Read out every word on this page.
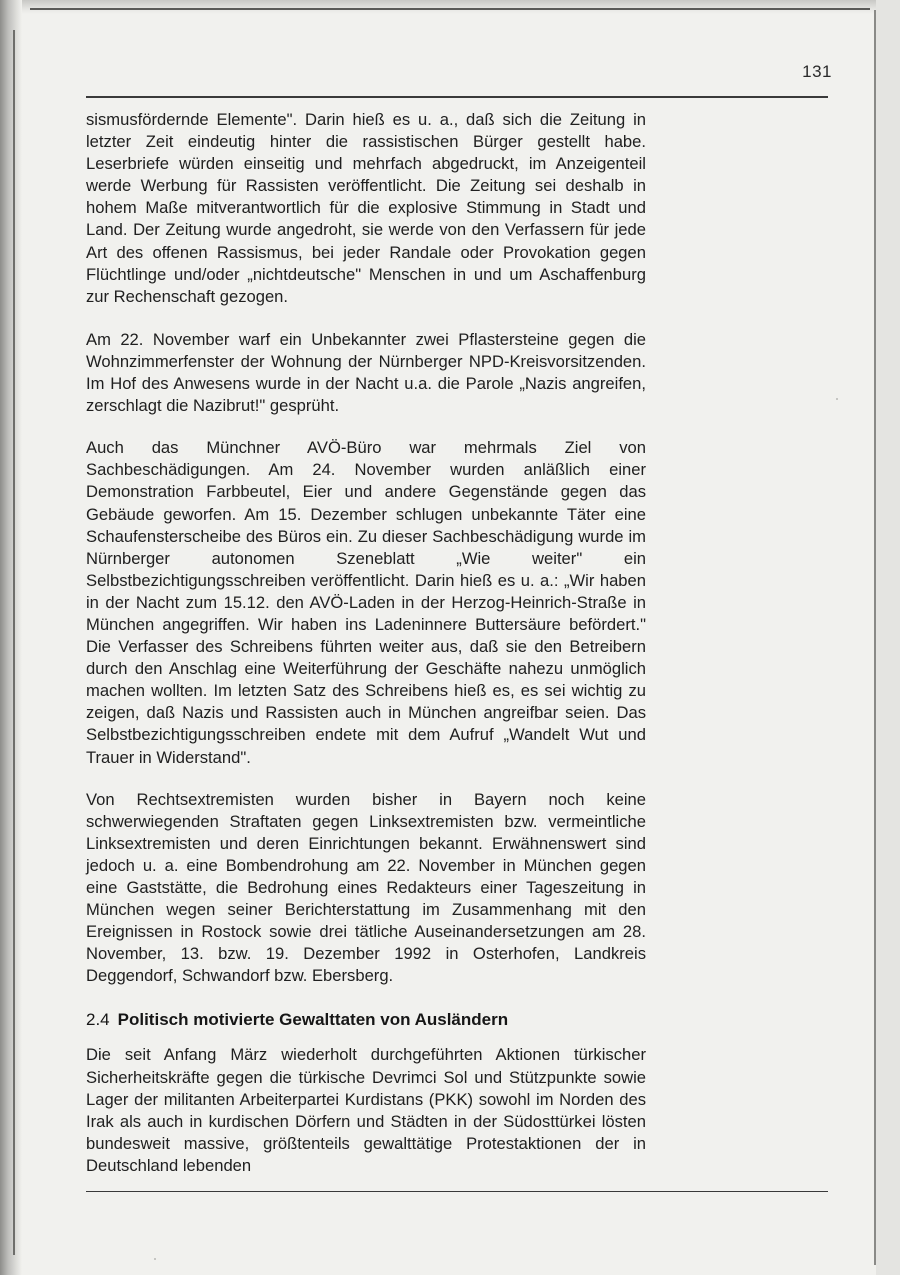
131

sismusfördernde Elemente". Darin hieß es u. a., daß sich die Zeitung in letzter Zeit eindeutig hinter die rassistischen Bürger gestellt habe. Leserbriefe würden einseitig und mehrfach abgedruckt, im Anzeigenteil werde Werbung für Rassisten veröffentlicht. Die Zeitung sei deshalb in hohem Maße mitverantwortlich für die explosive Stimmung in Stadt und Land. Der Zeitung wurde angedroht, sie werde von den Verfassern für jede Art des offenen Rassismus, bei jeder Randale oder Provokation gegen Flüchtlinge und/oder „nichtdeutsche" Menschen in und um Aschaffenburg zur Rechenschaft gezogen.

Am 22. November warf ein Unbekannter zwei Pflastersteine gegen die Wohnzimmerfenster der Wohnung der Nürnberger NPD-Kreisvorsitzenden. Im Hof des Anwesens wurde in der Nacht u.a. die Parole „Nazis angreifen, zerschlagt die Nazibrut!" gesprüht.

Auch das Münchner AVÖ-Büro war mehrmals Ziel von Sachbeschädigungen. Am 24. November wurden anläßlich einer Demonstration Farbbeutel, Eier und andere Gegenstände gegen das Gebäude geworfen. Am 15. Dezember schlugen unbekannte Täter eine Schaufensterscheibe des Büros ein. Zu dieser Sachbeschädigung wurde im Nürnberger autonomen Szeneblatt „Wie weiter" ein Selbstbezichtigungsschreiben veröffentlicht. Darin hieß es u. a.: „Wir haben in der Nacht zum 15.12. den AVÖ-Laden in der Herzog-Heinrich-Straße in München angegriffen. Wir haben ins Ladeninnere Buttersäure befördert." Die Verfasser des Schreibens führten weiter aus, daß sie den Betreibern durch den Anschlag eine Weiterführung der Geschäfte nahezu unmöglich machen wollten. Im letzten Satz des Schreibens hieß es, es sei wichtig zu zeigen, daß Nazis und Rassisten auch in München angreifbar seien. Das Selbstbezichtigungsschreiben endete mit dem Aufruf „Wandelt Wut und Trauer in Widerstand".

Von Rechtsextremisten wurden bisher in Bayern noch keine schwerwiegenden Straftaten gegen Linksextremisten bzw. vermeintliche Linksextremisten und deren Einrichtungen bekannt. Erwähnenswert sind jedoch u. a. eine Bombendrohung am 22. November in München gegen eine Gaststätte, die Bedrohung eines Redakteurs einer Tageszeitung in München wegen seiner Berichterstattung im Zusammenhang mit den Ereignissen in Rostock sowie drei tätliche Auseinandersetzungen am 28. November, 13. bzw. 19. Dezember 1992 in Osterhofen, Landkreis Deggendorf, Schwandorf bzw. Ebersberg.

2.4 Politisch motivierte Gewalttaten von Ausländern

Die seit Anfang März wiederholt durchgeführten Aktionen türkischer Sicherheitskräfte gegen die türkische Devrimci Sol und Stützpunkte sowie Lager der militanten Arbeiterpartei Kurdistans (PKK) sowohl im Norden des Irak als auch in kurdischen Dörfern und Städten in der Südosttürkei lösten bundesweit massive, größtenteils gewalttätige Protestaktionen der in Deutschland lebenden
